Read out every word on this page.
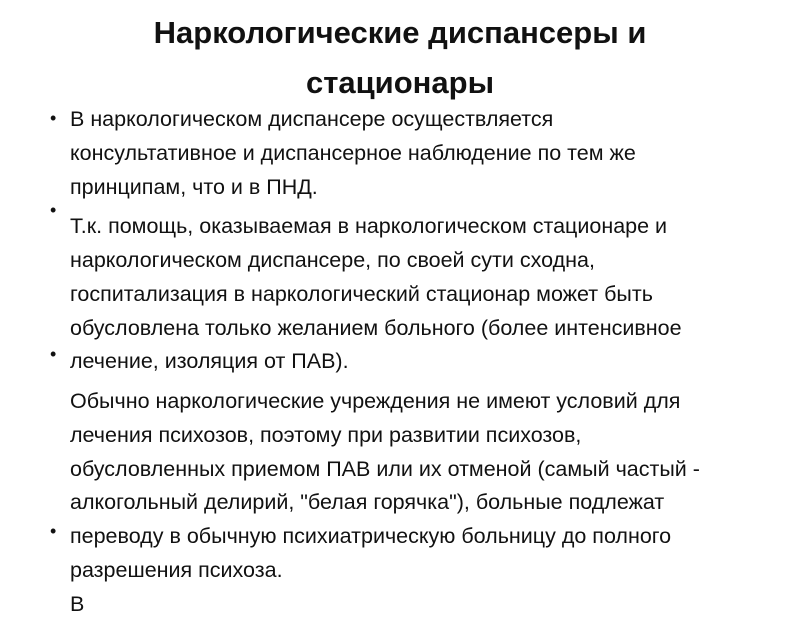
Наркологические диспансеры и
стационары
•
•
•
•
В наркологическом диспансере осуществляется
консультативное и диспансерное наблюдение по тем же
принципам, что и в ПНД.
Т.к. помощь, оказываемая в наркологическом стационаре и
наркологическом диспансере, по своей сути сходна,
госпитализация в наркологический стационар может быть
обусловлена только желанием больного (более интенсивное
лечение, изоляция от ПАВ).
Обычно наркологические учреждения не имеют условий для
лечения психозов, поэтому при развитии психозов,
обусловленных приемом ПАВ или их отменой (самый частый -
алкогольный делирий, "белая горячка"), больные подлежат
переводу в обычную психиатрическую больницу до полного
разрешения психоза.
В
